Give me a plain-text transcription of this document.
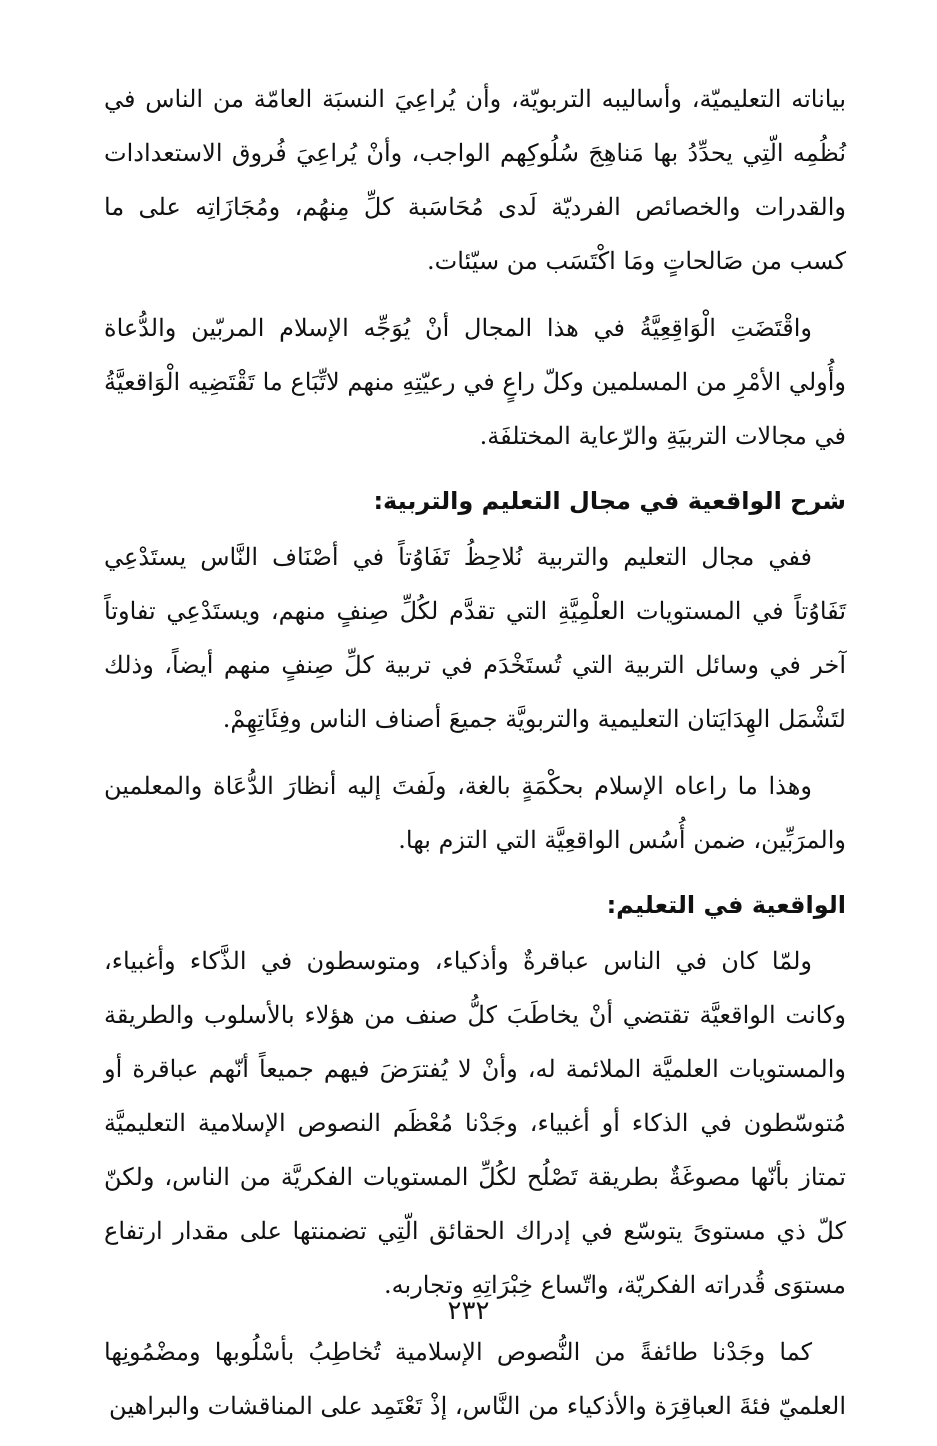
بياناته التعليميّة، وأساليبه التربويّة، وأن يُراعِيَ النسبَة العامّة من الناس في نُظُمِه الّتِي يحدِّدُ بها مَناهِجَ سُلُوكِهم الواجب، وأنْ يُراعِيَ فُروق الاستعدادات والقدرات والخصائص الفرديّة لَدى مُحَاسَبة كلِّ مِنهُم، ومُجَازَاتِه على ما كسب من صَالحاتٍ ومَا اكْتَسَب من سيّئات.

واقْتَضَتِ الْوَاقِعِيَّةُ في هذا المجال أنْ يُوَجِّه الإسلام المربّين والدُّعاة وأُولي الأمْرِ من المسلمين وكلّ راعٍ في رعيّتِهِ منهم لاتِّبَاع ما تَقْتَضِيه الْوَاقعيَّةُ في مجالات التربيَةِ والرّعاية المختلفَة.

شرح الواقعية في مجال التعليم والتربية:

ففي مجال التعليم والتربية نُلاحِظُ تَفَاوُتاً في أصْنَاف النَّاس يستَدْعِي تَفَاوُتاً في المستويات العلْمِيَّةِ التي تقدَّم لكُلِّ صِنفٍ منهم، ويستَدْعِي تفاوتاً آخر في وسائل التربية التي تُستَخْدَم في تربية كلِّ صِنفٍ منهم أيضاً، وذلك لتَشْمَل الهِدَايَتان التعليمية والتربويَّة جميعَ أصناف الناس وفِئَاتِهِمْ.

وهذا ما راعاه الإسلام بحكْمَةٍ بالغة، ولَفتَ إليه أنظارَ الدُّعَاة والمعلمين والمرَبِّين، ضمن أُسُس الواقعِيَّة التي التزم بها.

الواقعية في التعليم:

ولمّا كان في الناس عباقرةٌ وأذكياء، ومتوسطون في الذَّكاء وأغبياء، وكانت الواقعيَّة تقتضي أنْ يخاطَبَ كلُّ صنف من هؤلاء بالأسلوب والطريقة والمستويات العلميَّة الملائمة له، وأنْ لا يُفترَضَ فيهم جميعاً أنّهم عباقرة أو مُتوسّطون في الذكاء أو أغبياء، وجَدْنا مُعْظَم النصوص الإسلامية التعليميَّة تمتاز بأنّها مصوغَةٌ بطريقة تَصْلُح لكُلِّ المستويات الفكريَّة من الناس، ولكنّ كلّ ذي مستوىً يتوسّع في إدراك الحقائق الّتِي تضمنتها على مقدار ارتفاع مستوَى قُدراته الفكريّة، واتّساع خِبْرَاتِهِ وتجاربه.

كما وجَدْنا طائفةً من النُّصوص الإسلامية تُخاطِبُ بأسْلُوبها ومضْمُونِها العلميّ فئةَ العباقِرَة والأذكياء من النَّاس، إذْ تَعْتَمِد على المناقشات والبراهين

٢٣٢
